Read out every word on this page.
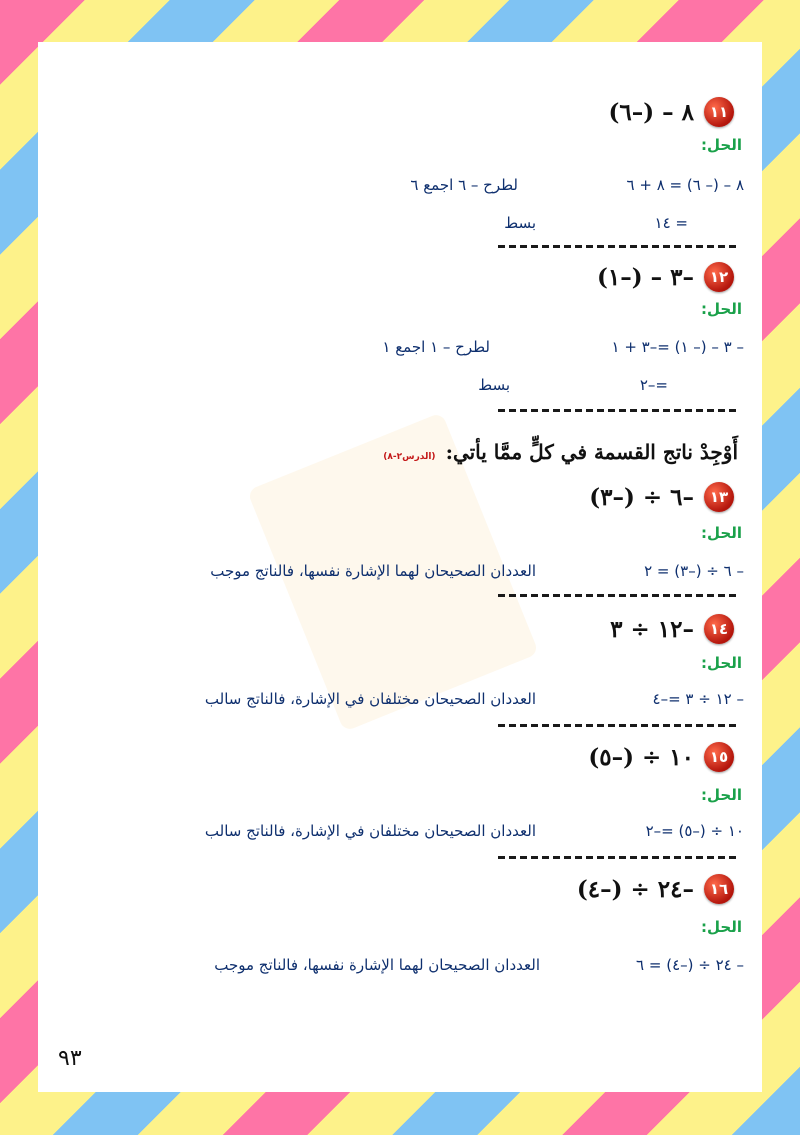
١١
٨ – (–٦)
الحل:
٨ – (– ٦) = ٨ + ٦
لطرح – ٦ اجمع ٦
= ١٤
بسط
١٢
–٣ – (–١)
الحل:
– ٣ – (– ١) =–٣ + ١
لطرح – ١ اجمع ١
=–٢
بسط
أَوْجِدْ ناتج القسمة في كلٍّ ممَّا يأتي:
(الدرس٢-٨)
١٣
–٦ ÷ (–٣)
الحل:
– ٦ ÷ (–٣) = ٢
العددان الصحيحان لهما الإشارة نفسها، فالناتج موجب
١٤
–١٢ ÷ ٣
الحل:
– ١٢ ÷ ٣ =–٤
العددان الصحيحان مختلفان في الإشارة، فالناتج سالب
١٥
١٠ ÷ (–٥)
الحل:
١٠ ÷ (–٥) =–٢
العددان الصحيحان مختلفان في الإشارة، فالناتج سالب
١٦
–٢٤ ÷ (–٤)
الحل:
– ٢٤ ÷ (–٤) = ٦
العددان الصحيحان لهما الإشارة نفسها، فالناتج موجب
٩٣
